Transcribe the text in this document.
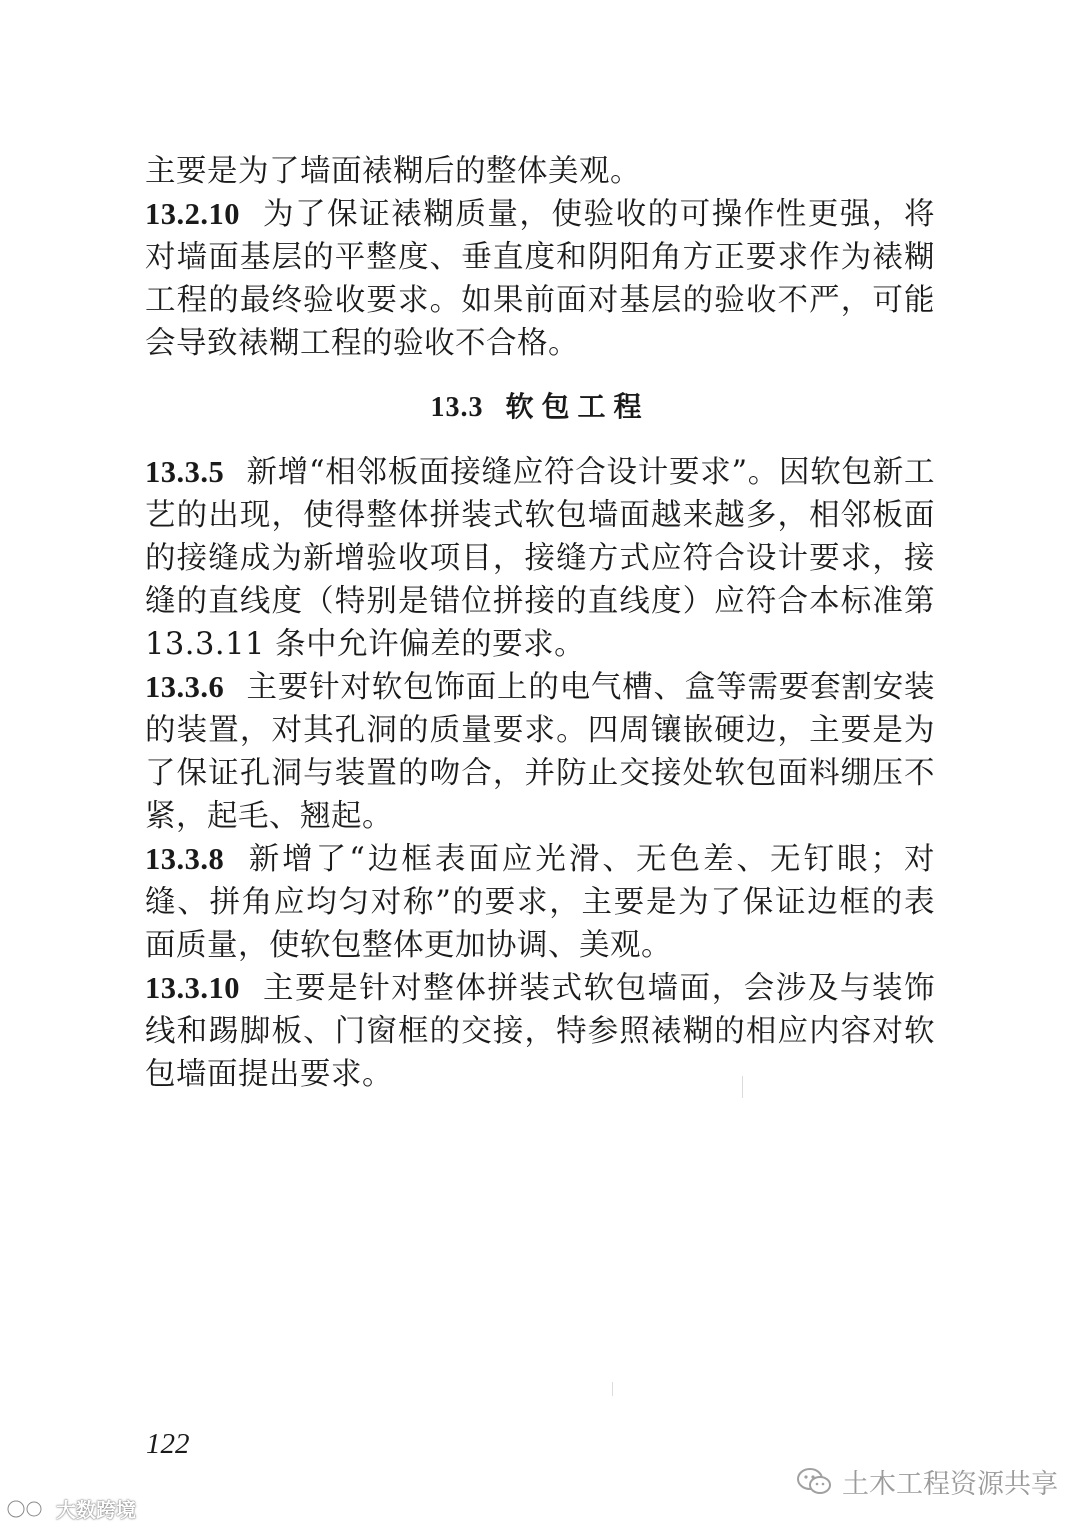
主要是为了墙面裱糊后的整体美观。

13.2.10 为了保证裱糊质量，使验收的可操作性更强，将对墙面基层的平整度、垂直度和阴阳角方正要求作为裱糊工程的最终验收要求。如果前面对基层的验收不严，可能会导致裱糊工程的验收不合格。

13.3 软包工程

13.3.5 新增“相邻板面接缝应符合设计要求”。因软包新工艺的出现，使得整体拼装式软包墙面越来越多，相邻板面的接缝成为新增验收项目，接缝方式应符合设计要求，接缝的直线度（特别是错位拼接的直线度）应符合本标准第 13.3.11 条中允许偏差的要求。

13.3.6 主要针对软包饰面上的电气槽、盒等需要套割安装的装置，对其孔洞的质量要求。四周镶嵌硬边，主要是为了保证孔洞与装置的吻合，并防止交接处软包面料绷压不紧，起毛、翘起。

13.3.8 新增了“边框表面应光滑、无色差、无钉眼；对缝、拼角应均匀对称”的要求，主要是为了保证边框的表面质量，使软包整体更加协调、美观。

13.3.10 主要是针对整体拼装式软包墙面，会涉及与装饰线和踢脚板、门窗框的交接，特参照裱糊的相应内容对软包墙面提出要求。

122
大数跨境
土木工程资源共享
